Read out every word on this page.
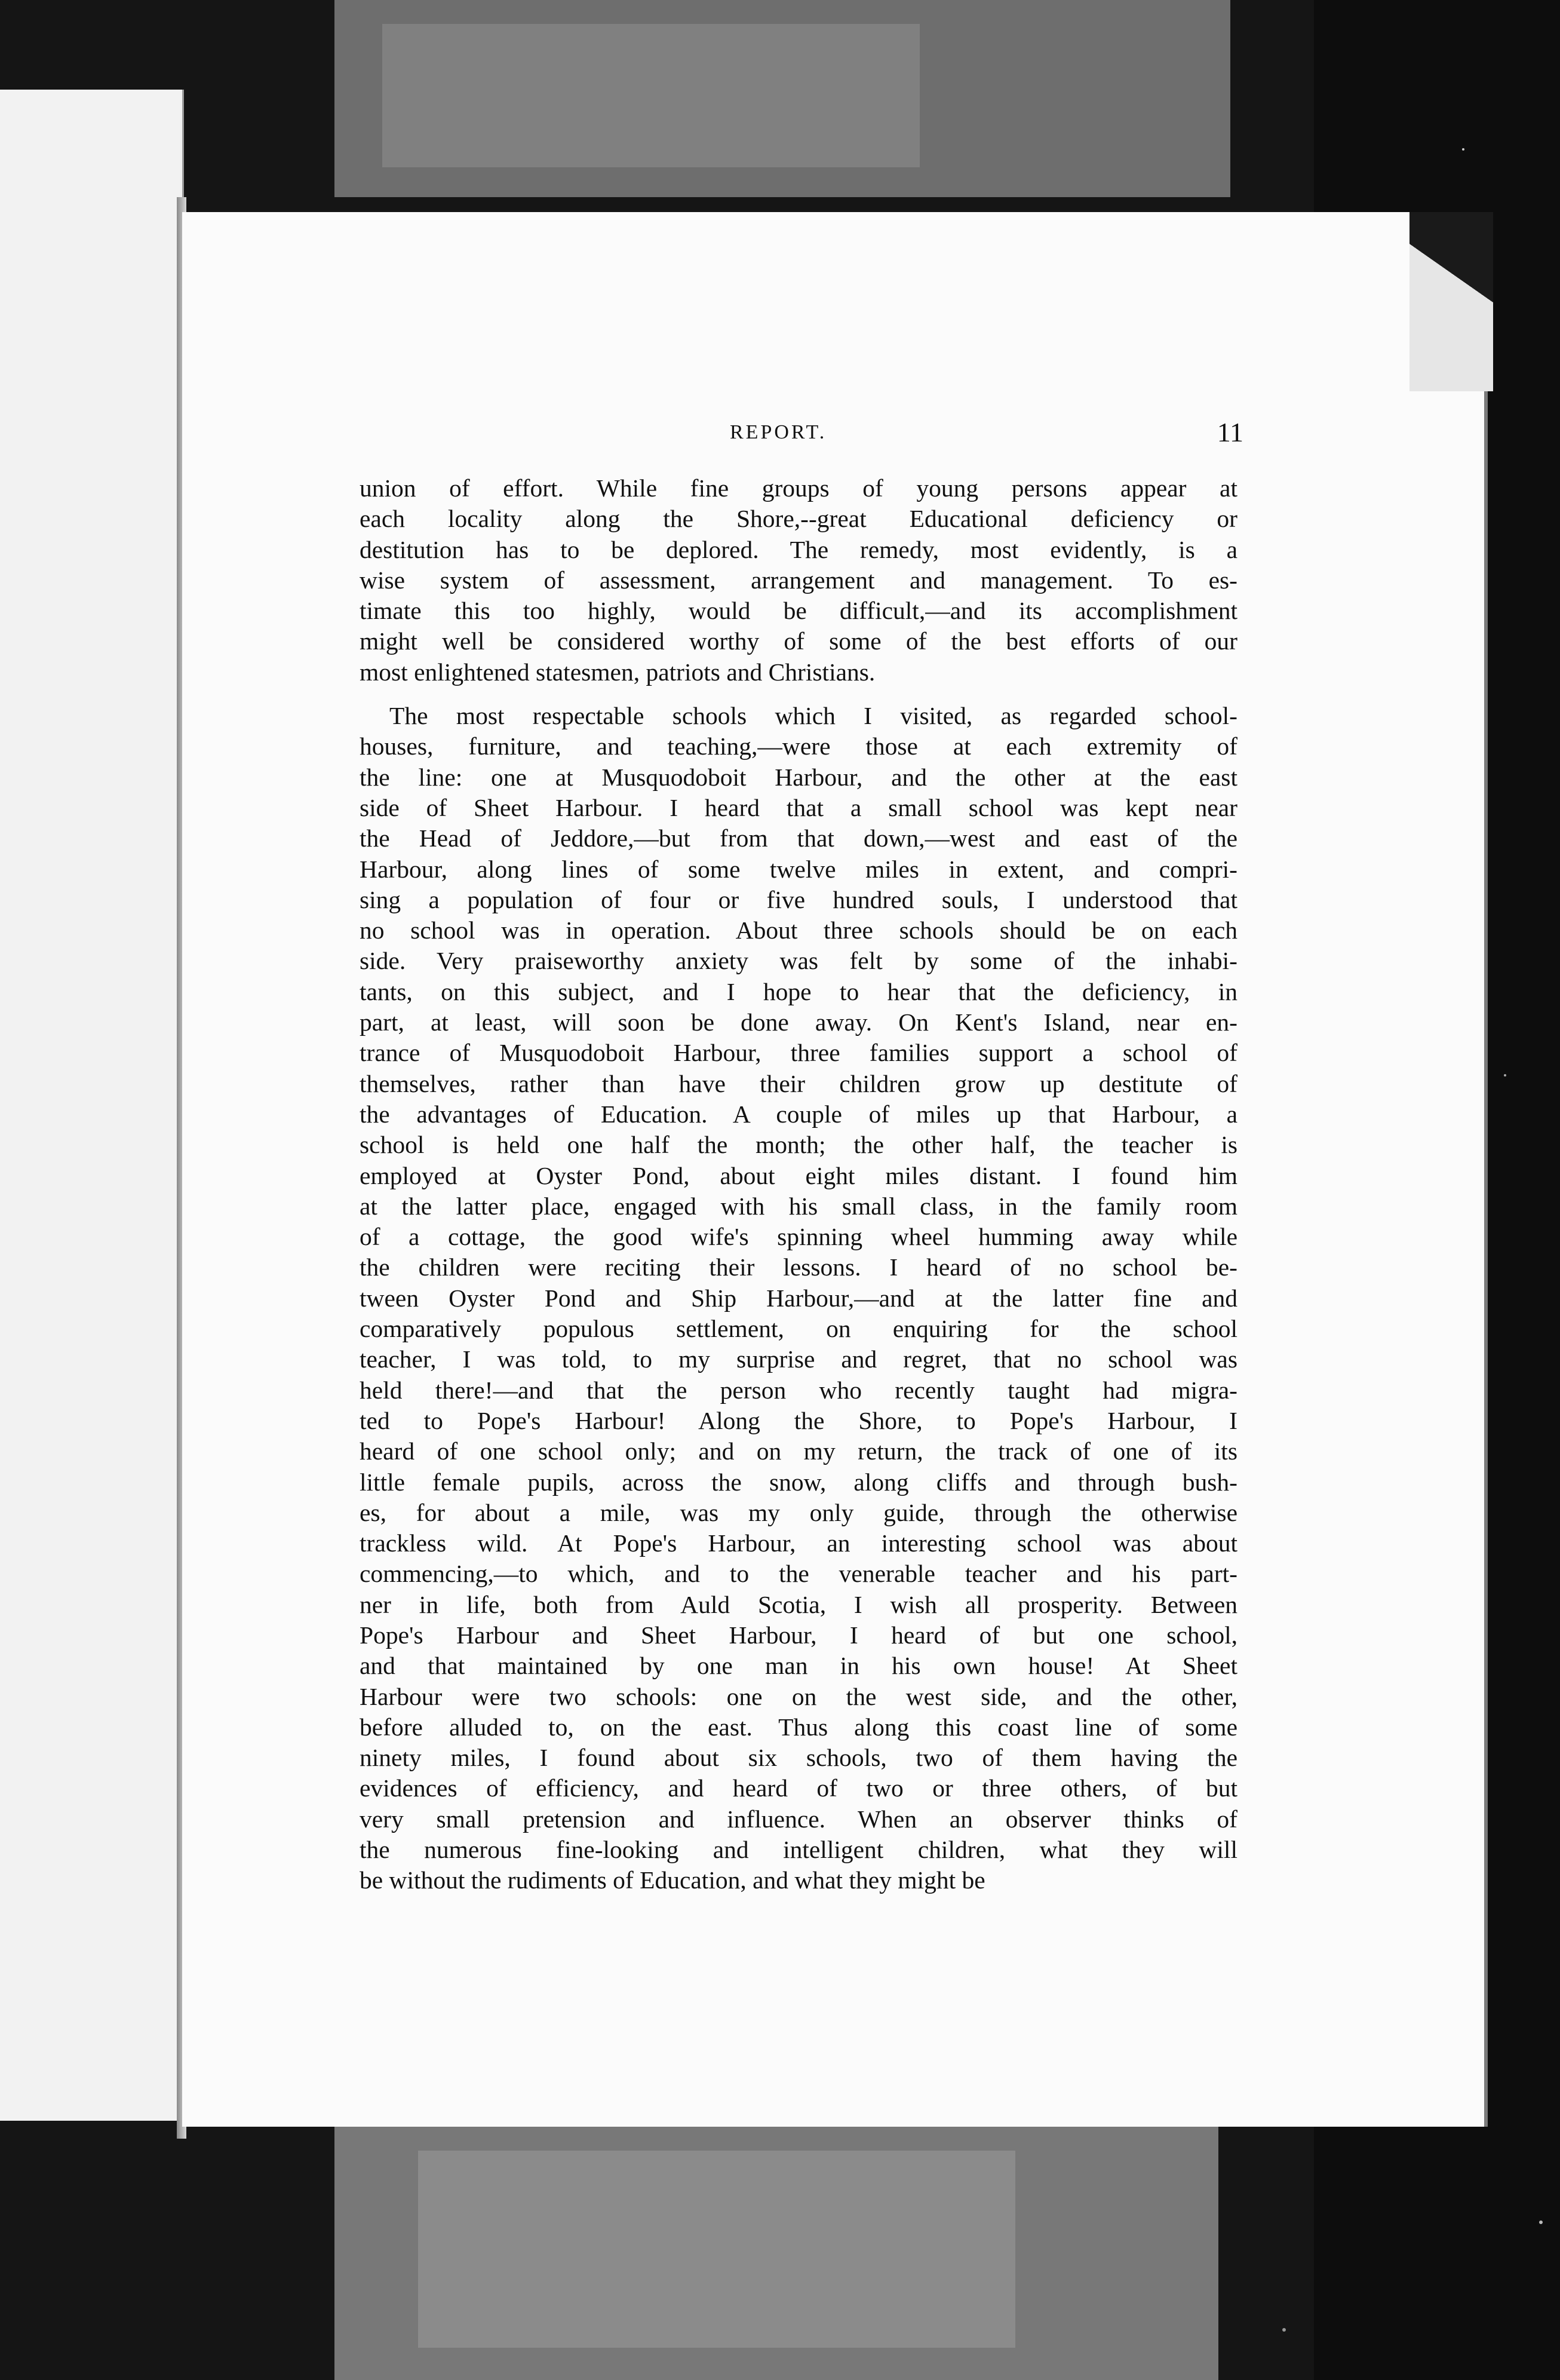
REPORT.	11

union of effort. While fine groups of young persons appear at
each locality along the Shore,--great Educational deficiency or
destitution has to be deplored. The remedy, most evidently, is a
wise system of assessment, arrangement and management. To es-
timate this too highly, would be difficult,—and its accomplishment
might well be considered worthy of some of the best efforts of our
most enlightened statesmen, patriots and Christians.

The most respectable schools which I visited, as regarded school-
houses, furniture, and teaching,—were those at each extremity of
the line: one at Musquodoboit Harbour, and the other at the east
side of Sheet Harbour. I heard that a small school was kept near
the Head of Jeddore,—but from that down,—west and east of the
Harbour, along lines of some twelve miles in extent, and compri-
sing a population of four or five hundred souls, I understood that
no school was in operation. About three schools should be on each
side. Very praiseworthy anxiety was felt by some of the inhabi-
tants, on this subject, and I hope to hear that the deficiency, in
part, at least, will soon be done away. On Kent's Island, near en-
trance of Musquodoboit Harbour, three families support a school of
themselves, rather than have their children grow up destitute of
the advantages of Education. A couple of miles up that Harbour, a
school is held one half the month; the other half, the teacher is
employed at Oyster Pond, about eight miles distant. I found him
at the latter place, engaged with his small class, in the family room
of a cottage, the good wife's spinning wheel humming away while
the children were reciting their lessons. I heard of no school be-
tween Oyster Pond and Ship Harbour,—and at the latter fine and
comparatively populous settlement, on enquiring for the school
teacher, I was told, to my surprise and regret, that no school was
held there!—and that the person who recently taught had migra-
ted to Pope's Harbour! Along the Shore, to Pope's Harbour, I
heard of one school only; and on my return, the track of one of its
little female pupils, across the snow, along cliffs and through bush-
es, for about a mile, was my only guide, through the otherwise
trackless wild. At Pope's Harbour, an interesting school was about
commencing,—to which, and to the venerable teacher and his part-
ner in life, both from Auld Scotia, I wish all prosperity. Between
Pope's Harbour and Sheet Harbour, I heard of but one school,
and that maintained by one man in his own house! At Sheet
Harbour were two schools: one on the west side, and the other,
before alluded to, on the east. Thus along this coast line of some
ninety miles, I found about six schools, two of them having the
evidences of efficiency, and heard of two or three others, of but
very small pretension and influence. When an observer thinks of
the numerous fine-looking and intelligent children, what they will
be without the rudiments of Education, and what they might be
